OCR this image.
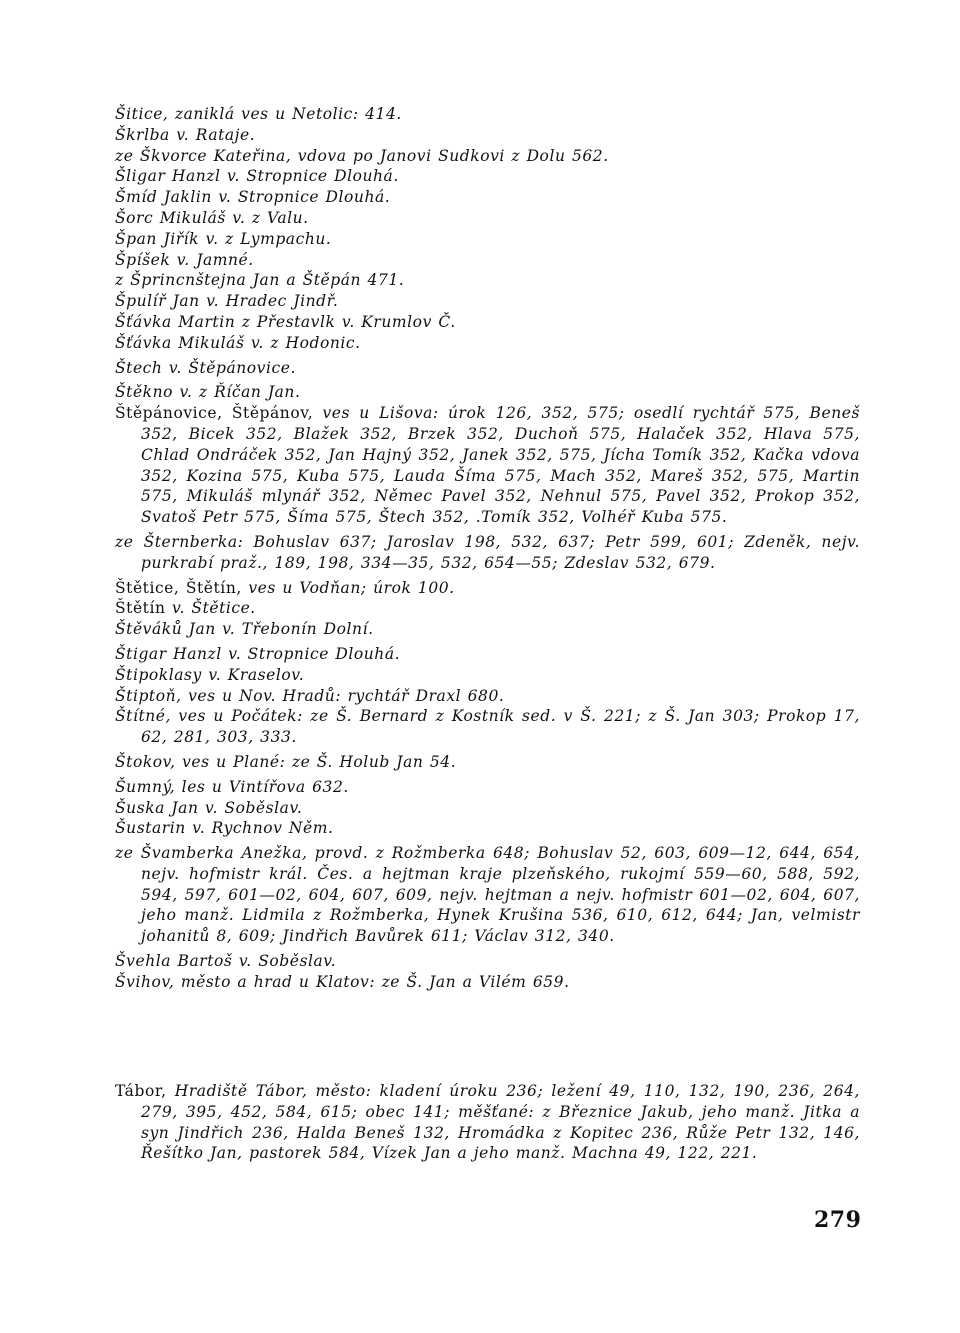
Šitice, zaniklá ves u Netolic: 414.
Škrlba v. Rataje.
ze Škvorce Kateřina, vdova po Janovi Sudkovi z Dolu 562.
Šligar Hanzl v. Stropnice Dlouhá.
Šmíd Jaklin v. Stropnice Dlouhá.
Šorc Mikuláš v. z Valu.
Špan Jiřík v. z Lympachu.
Špíšek v. Jamné.
z Šprincnštejna Jan a Štěpán 471.
Špulíř Jan v. Hradec Jindř.
Šťávka Martin z Přestavlk v. Krumlov Č.
Šťávka Mikuláš v. z Hodonic.
Štech v. Štěpánovice.
Štěkno v. z Říčan Jan.
Štěpánovice, Štěpánov, ves u Lišova: úrok 126, 352, 575; osedlí rychtář 575, Beneš 352, Bicek 352, Blažek 352, Brzek 352, Duchoň 575, Halaček 352, Hlava 575, Chlad Ondráček 352, Jan Hajný 352, Janek 352, 575, Jícha Tomík 352, Kačka vdova 352, Kozina 575, Kuba 575, Lauda Šíma 575, Mach 352, Mareš 352, 575, Martin 575, Mikuláš mlynář 352, Němec Pavel 352, Nehnul 575, Pavel 352, Prokop 352, Svatoš Petr 575, Šíma 575, Štech 352, .Tomík 352, Volhéř Kuba 575.
ze Šternberka: Bohuslav 637; Jaroslav 198, 532, 637; Petr 599, 601; Zdeněk, nejv. purkrabí praž., 189, 198, 334—35, 532, 654—55; Zdeslav 532, 679.
Štětice, Štětín, ves u Vodňan; úrok 100.
Štětín v. Štětice.
Štěváků Jan v. Třebonín Dolní.
Štigar Hanzl v. Stropnice Dlouhá.
Štipoklasy v. Kraselov.
Štiptoň, ves u Nov. Hradů: rychtář Draxl 680.
Štítné, ves u Počátek: ze Š. Bernard z Kostník sed. v Š. 221; z Š. Jan 303; Prokop 17, 62, 281, 303, 333.
Štokov, ves u Plané: ze Š. Holub Jan 54.
Šumný, les u Vintířova 632.
Šuska Jan v. Soběslav.
Šustarin v. Rychnov Něm.
ze Švamberka Anežka, provd. z Rožmberka 648; Bohuslav 52, 603, 609—12, 644, 654, nejv. hofmistr král. Čes. a hejtman kraje plzeňského, rukojmí 559—60, 588, 592, 594, 597, 601—02, 604, 607, 609, nejv. hejtman a nejv. hofmistr 601—02, 604, 607, jeho manž. Lidmila z Rožmberka, Hynek Krušina 536, 610, 612, 644; Jan, velmistr johanitů 8, 609; Jindřich Bavůrek 611; Václav 312, 340.
Švehla Bartoš v. Soběslav.
Švihov, město a hrad u Klatov: ze Š. Jan a Vilém 659.
Tábor, Hradiště Tábor, město: kladení úroku 236; ležení 49, 110, 132, 190, 236, 264, 279, 395, 452, 584, 615; obec 141; měšťané: z Březnice Jakub, jeho manž. Jitka a syn Jindřich 236, Halda Beneš 132, Hromádka z Kopitec 236, Růže Petr 132, 146, Řešítko Jan, pastorek 584, Vízek Jan a jeho manž. Machna 49, 122, 221.
279
